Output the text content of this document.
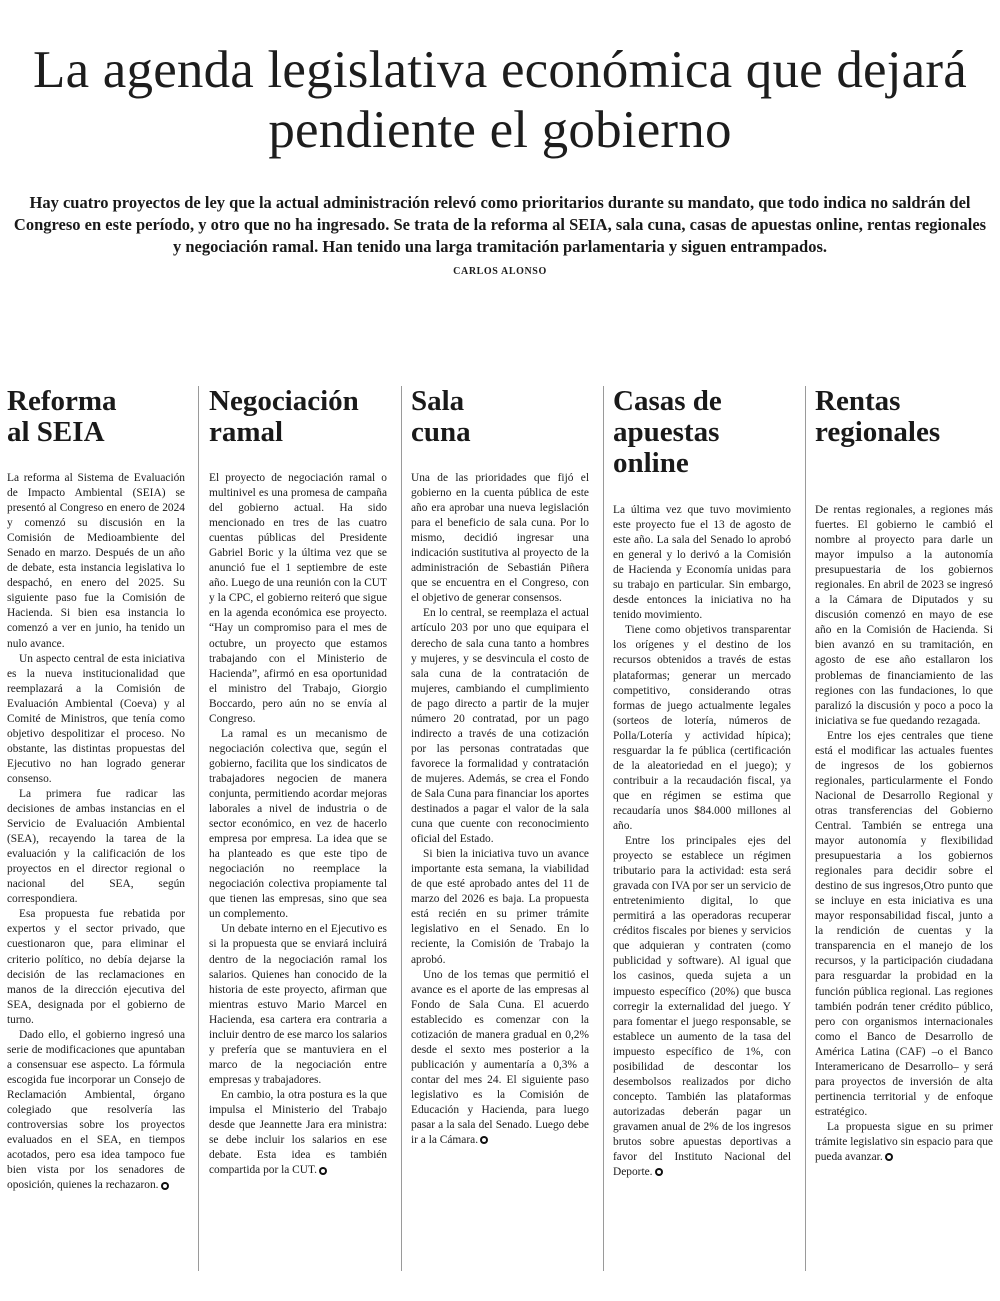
La agenda legislativa económica que dejará pendiente el gobierno

Hay cuatro proyectos de ley que la actual administración relevó como prioritarios durante su mandato, que todo indica no saldrán del Congreso en este período, y otro que no ha ingresado. Se trata de la reforma al SEIA, sala cuna, casas de apuestas online, rentas regionales y negociación ramal. Han tenido una larga tramitación parlamentaria y siguen entrampados.

CARLOS ALONSO
Reforma al SEIA

La reforma al Sistema de Evaluación de Impacto Ambiental (SEIA) se presentó al Congreso en enero de 2024 y comenzó su discusión en la Comisión de Medioambiente del Senado en marzo. Después de un año de debate, esta instancia legislativa lo despachó, en enero del 2025. Su siguiente paso fue la Comisión de Hacienda. Si bien esa instancia lo comenzó a ver en junio, ha tenido un nulo avance.

Un aspecto central de esta iniciativa es la nueva institucionalidad que reemplazará a la Comisión de Evaluación Ambiental (Coeva) y al Comité de Ministros, que tenía como objetivo despolitizar el proceso. No obstante, las distintas propuestas del Ejecutivo no han logrado generar consenso.

La primera fue radicar las decisiones de ambas instancias en el Servicio de Evaluación Ambiental (SEA), recayendo la tarea de la evaluación y la calificación de los proyectos en el director regional o nacional del SEA, según correspondiera.

Esa propuesta fue rebatida por expertos y el sector privado, que cuestionaron que, para eliminar el criterio político, no debía dejarse la decisión de las reclamaciones en manos de la dirección ejecutiva del SEA, designada por el gobierno de turno.

Dado ello, el gobierno ingresó una serie de modificaciones que apuntaban a consensuar ese aspecto. La fórmula escogida fue incorporar un Consejo de Reclamación Ambiental, órgano colegiado que resolvería las controversias sobre los proyectos evaluados en el SEA, en tiempos acotados, pero esa idea tampoco fue bien vista por los senadores de oposición, quienes la rechazaron.

Negociación ramal

El proyecto de negociación ramal o multinivel es una promesa de campaña del gobierno actual. Ha sido mencionado en tres de las cuatro cuentas públicas del Presidente Gabriel Boric y la última vez que se anunció fue el 1 septiembre de este año. Luego de una reunión con la CUT y la CPC, el gobierno reiteró que sigue en la agenda económica ese proyecto. “Hay un compromiso para el mes de octubre, un proyecto que estamos trabajando con el Ministerio de Hacienda”, afirmó en esa oportunidad el ministro del Trabajo, Giorgio Boccardo, pero aún no se envía al Congreso.

La ramal es un mecanismo de negociación colectiva que, según el gobierno, facilita que los sindicatos de trabajadores negocien de manera conjunta, permitiendo acordar mejoras laborales a nivel de industria o de sector económico, en vez de hacerlo empresa por empresa. La idea que se ha planteado es que este tipo de negociación no reemplace la negociación colectiva propiamente tal que tienen las empresas, sino que sea un complemento.

Un debate interno en el Ejecutivo es si la propuesta que se enviará incluirá dentro de la negociación ramal los salarios. Quienes han conocido de la historia de este proyecto, afirman que mientras estuvo Mario Marcel en Hacienda, esa cartera era contraria a incluir dentro de ese marco los salarios y prefería que se mantuviera en el marco de la negociación entre empresas y trabajadores.

En cambio, la otra postura es la que impulsa el Ministerio del Trabajo desde que Jeannette Jara era ministra: se debe incluir los salarios en ese debate. Esta idea es también compartida por la CUT.

Sala cuna

Una de las prioridades que fijó el gobierno en la cuenta pública de este año era aprobar una nueva legislación para el beneficio de sala cuna. Por lo mismo, decidió ingresar una indicación sustitutiva al proyecto de la administración de Sebastián Piñera que se encuentra en el Congreso, con el objetivo de generar consensos.

En lo central, se reemplaza el actual artículo 203 por uno que equipara el derecho de sala cuna tanto a hombres y mujeres, y se desvincula el costo de sala cuna de la contratación de mujeres, cambiando el cumplimiento de pago directo a partir de la mujer número 20 contratad, por un pago indirecto a través de una cotización por las personas contratadas que favorece la formalidad y contratación de mujeres. Además, se crea el Fondo de Sala Cuna para financiar los aportes destinados a pagar el valor de la sala cuna que cuente con reconocimiento oficial del Estado.

Si bien la iniciativa tuvo un avance importante esta semana, la viabilidad de que esté aprobado antes del 11 de marzo del 2026 es baja. La propuesta está recién en su primer trámite legislativo en el Senado. En lo reciente, la Comisión de Trabajo la aprobó.

Uno de los temas que permitió el avance es el aporte de las empresas al Fondo de Sala Cuna. El acuerdo establecido es comenzar con la cotización de manera gradual en 0,2% desde el sexto mes posterior a la publicación y aumentaría a 0,3% a contar del mes 24. El siguiente paso legislativo es la Comisión de Educación y Hacienda, para luego pasar a la sala del Senado. Luego debe ir a la Cámara.

Casas de apuestas online

La última vez que tuvo movimiento este proyecto fue el 13 de agosto de este año. La sala del Senado lo aprobó en general y lo derivó a la Comisión de Hacienda y Economía unidas para su trabajo en particular. Sin embargo, desde entonces la iniciativa no ha tenido movimiento.

Tiene como objetivos transparentar los orígenes y el destino de los recursos obtenidos a través de estas plataformas; generar un mercado competitivo, considerando otras formas de juego actualmente legales (sorteos de lotería, números de Polla/Lotería y actividad hípica); resguardar la fe pública (certificación de la aleatoriedad en el juego); y contribuir a la recaudación fiscal, ya que en régimen se estima que recaudaría unos $84.000 millones al año.

Entre los principales ejes del proyecto se establece un régimen tributario para la actividad: esta será gravada con IVA por ser un servicio de entretenimiento digital, lo que permitirá a las operadoras recuperar créditos fiscales por bienes y servicios que adquieran y contraten (como publicidad y software). Al igual que los casinos, queda sujeta a un impuesto específico (20%) que busca corregir la externalidad del juego. Y para fomentar el juego responsable, se establece un aumento de la tasa del impuesto específico de 1%, con posibilidad de descontar los desembolsos realizados por dicho concepto. También las plataformas autorizadas deberán pagar un gravamen anual de 2% de los ingresos brutos sobre apuestas deportivas a favor del Instituto Nacional del Deporte.

Rentas regionales

De rentas regionales, a regiones más fuertes. El gobierno le cambió el nombre al proyecto para darle un mayor impulso a la autonomía presupuestaria de los gobiernos regionales. En abril de 2023 se ingresó a la Cámara de Diputados y su discusión comenzó en mayo de ese año en la Comisión de Hacienda. Si bien avanzó en su tramitación, en agosto de ese año estallaron los problemas de financiamiento de las regiones con las fundaciones, lo que paralizó la discusión y poco a poco la iniciativa se fue quedando rezagada.

Entre los ejes centrales que tiene está el modificar las actuales fuentes de ingresos de los gobiernos regionales, particularmente el Fondo Nacional de Desarrollo Regional y otras transferencias del Gobierno Central. También se entrega una mayor autonomía y flexibilidad presupuestaria a los gobiernos regionales para decidir sobre el destino de sus ingresos,Otro punto que se incluye en esta iniciativa es una mayor responsabilidad fiscal, junto a la rendición de cuentas y la transparencia en el manejo de los recursos, y la participación ciudadana para resguardar la probidad en la función pública regional. Las regiones también podrán tener crédito público, pero con organismos internacionales como el Banco de Desarrollo de América Latina (CAF) –o el Banco Interamericano de Desarrollo– y será para proyectos de inversión de alta pertinencia territorial y de enfoque estratégico.

La propuesta sigue en su primer trámite legislativo sin espacio para que pueda avanzar.
